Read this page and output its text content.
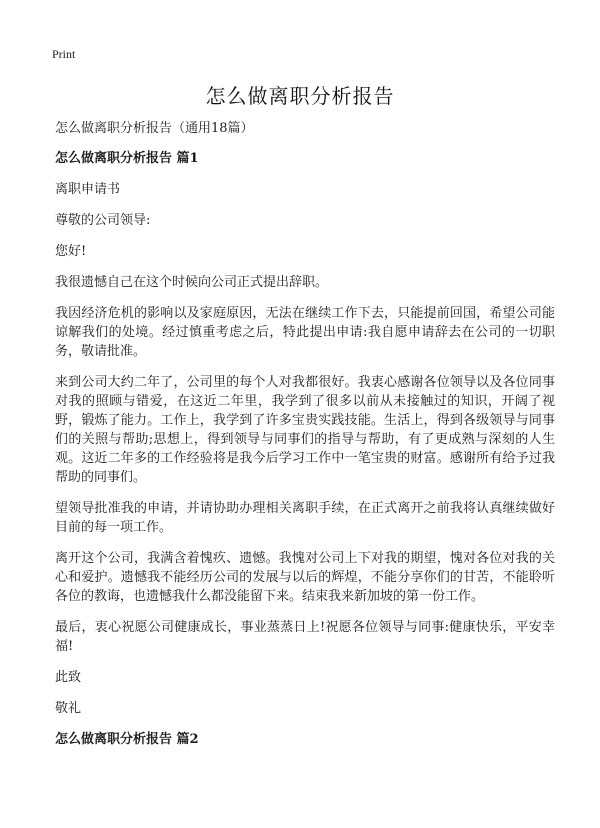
Print
怎么做离职分析报告

怎么做离职分析报告（通用18篇）

怎么做离职分析报告 篇1

离职申请书

尊敬的公司领导:

您好!

我很遗憾自己在这个时候向公司正式提出辞职。

我因经济危机的影响以及家庭原因，无法在继续工作下去，只能提前回国，希望公司能谅解我们的处境。经过慎重考虑之后，特此提出申请:我自愿申请辞去在公司的一切职务，敬请批准。

来到公司大约二年了，公司里的每个人对我都很好。我衷心感谢各位领导以及各位同事对我的照顾与错爱，在这近二年里，我学到了很多以前从未接触过的知识，开阔了视野，锻炼了能力。工作上，我学到了许多宝贵实践技能。生活上，得到各级领导与同事们的关照与帮助;思想上，得到领导与同事们的指导与帮助，有了更成熟与深刻的人生观。这近二年多的工作经验将是我今后学习工作中一笔宝贵的财富。感谢所有给予过我帮助的同事们。

望领导批准我的申请，并请协助办理相关离职手续，在正式离开之前我将认真继续做好目前的每一项工作。

离开这个公司，我满含着愧疚、遗憾。我愧对公司上下对我的期望，愧对各位对我的关心和爱护。遗憾我不能经历公司的发展与以后的辉煌，不能分享你们的甘苦，不能聆听各位的教诲，也遗憾我什么都没能留下来。结束我来新加坡的第一份工作。

最后，衷心祝愿公司健康成长，事业蒸蒸日上!祝愿各位领导与同事:健康快乐，平安幸福!

此致

敬礼

怎么做离职分析报告 篇2
